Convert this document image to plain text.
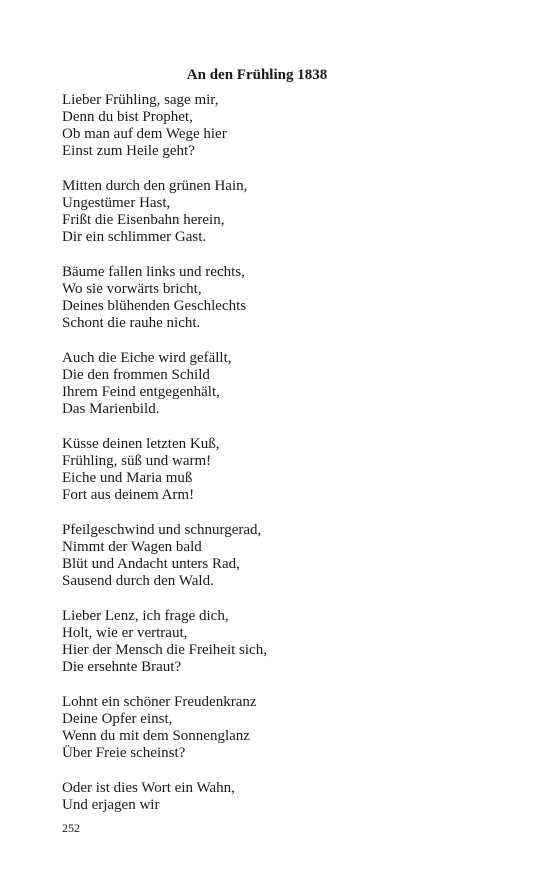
An den Frühling 1838
Lieber Frühling, sage mir,
Denn du bist Prophet,
Ob man auf dem Wege hier
Einst zum Heile geht?
Mitten durch den grünen Hain,
Ungestümer Hast,
Frißt die Eisenbahn herein,
Dir ein schlimmer Gast.
Bäume fallen links und rechts,
Wo sie vorwärts bricht,
Deines blühenden Geschlechts
Schont die rauhe nicht.
Auch die Eiche wird gefällt,
Die den frommen Schild
Ihrem Feind entgegenhält,
Das Marienbild.
Küsse deinen letzten Kuß,
Frühling, süß und warm!
Eiche und Maria muß
Fort aus deinem Arm!
Pfeilgeschwind und schnurgerad,
Nimmt der Wagen bald
Blüt und Andacht unters Rad,
Sausend durch den Wald.
Lieber Lenz, ich frage dich,
Holt, wie er vertraut,
Hier der Mensch die Freiheit sich,
Die ersehnte Braut?
Lohnt ein schöner Freudenkranz
Deine Opfer einst,
Wenn du mit dem Sonnenglanz
Über Freie scheinst?
Oder ist dies Wort ein Wahn,
Und erjagen wir
252
